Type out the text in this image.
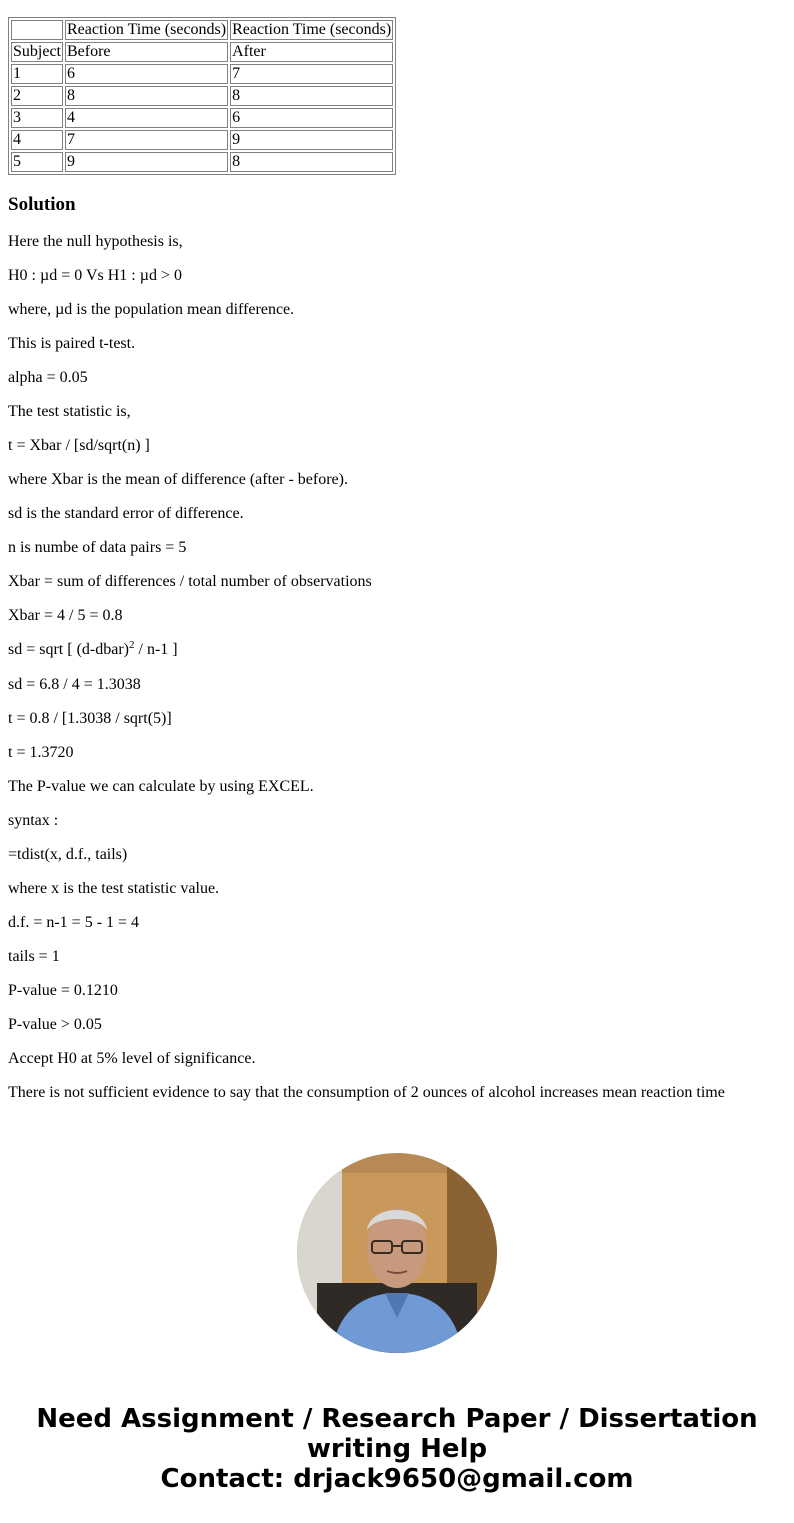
	Reaction Time (seconds)	Reaction Time (seconds)
Subject	Before	After
1	6	7
2	8	8
3	4	6
4	7	9
5	9	8
Solution

Here the null hypothesis is,

H0 : µd = 0 Vs H1 : µd > 0

where, µd is the population mean difference.

This is paired t-test.

alpha = 0.05

The test statistic is,

t = Xbar / [sd/sqrt(n) ]

where Xbar is the mean of difference (after - before).

sd is the standard error of difference.

n is numbe of data pairs = 5

Xbar = sum of differences / total number of observations

Xbar = 4 / 5 = 0.8

sd = sqrt [ (d-dbar)$^2$ / n-1 ]

sd = 6.8 / 4 = 1.3038

t = 0.8 / [1.3038 / sqrt(5)]

t = 1.3720

The P-value we can calculate by using EXCEL.

syntax :

=tdist(x, d.f., tails)

where x is the test statistic value.

d.f. = n-1 = 5 - 1 = 4

tails = 1

P-value = 0.1210

P-value > 0.05

Accept H0 at 5% level of significance.

There is not sufficient evidence to say that the consumption of 2 ounces of alcohol increases mean reaction time

Need Assignment / Research Paper / Dissertation writing Help
Contact: drjack9650@gmail.com
